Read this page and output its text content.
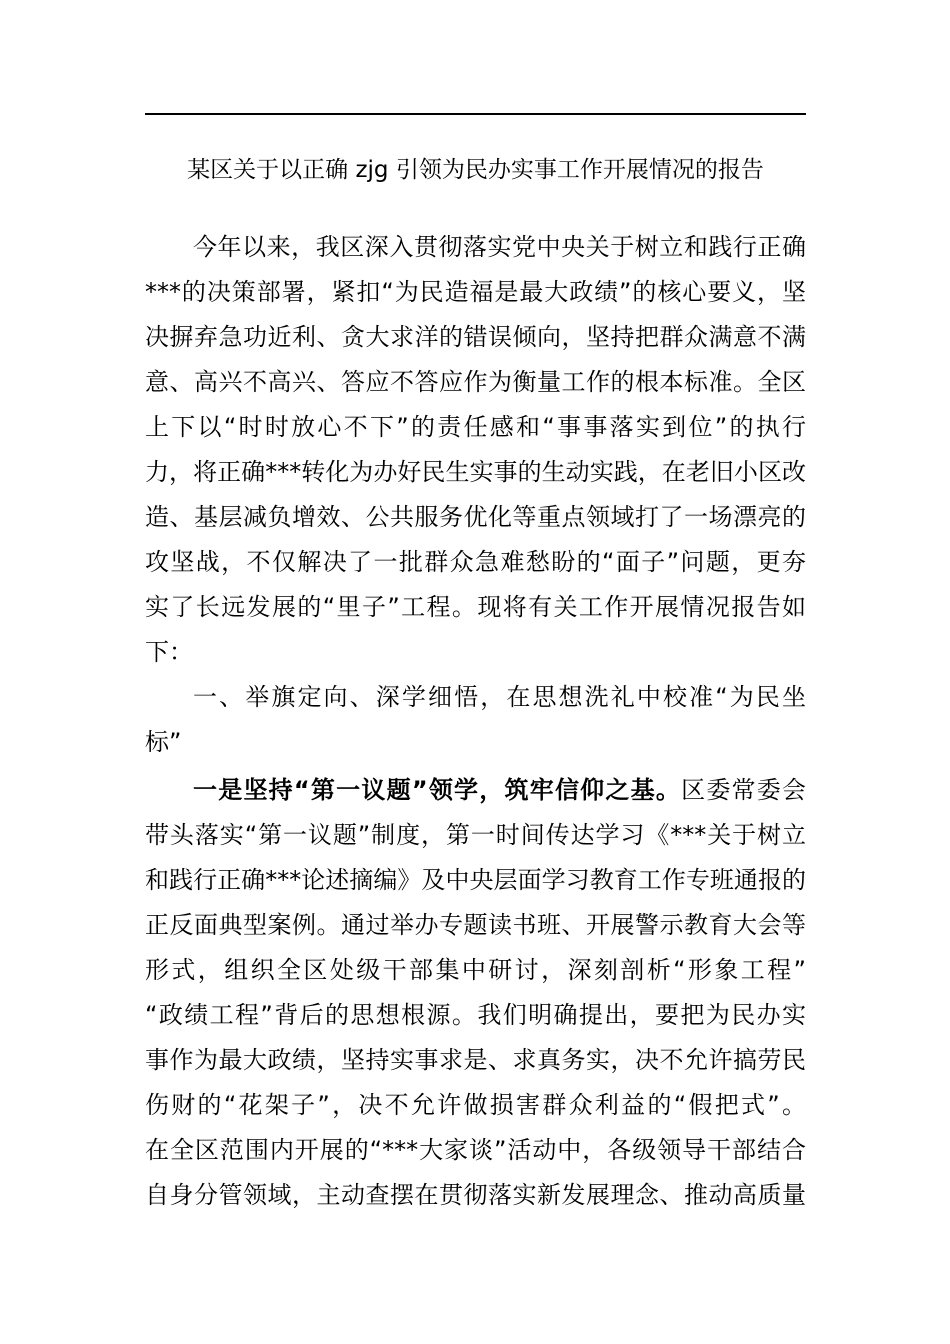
某区关于以正确 zjg 引领为民办实事工作开展情况的报告
今年以来，我区深入贯彻落实党中央关于树立和践行正确
***的决策部署，紧扣“为民造福是最大政绩”的核心要义，坚
决摒弃急功近利、贪大求洋的错误倾向，坚持把群众满意不满
意、高兴不高兴、答应不答应作为衡量工作的根本标准。全区
上下以“时时放心不下”的责任感和“事事落实到位”的执行
力，将正确***转化为办好民生实事的生动实践，在老旧小区改
造、基层减负增效、公共服务优化等重点领域打了一场漂亮的
攻坚战，不仅解决了一批群众急难愁盼的“面子”问题，更夯
实了长远发展的“里子”工程。现将有关工作开展情况报告如
下：
一、举旗定向、深学细悟，在思想洗礼中校准“为民坐
标”
一是坚持“第一议题”领学，筑牢信仰之基。区委常委会
带头落实“第一议题”制度，第一时间传达学习《***关于树立
和践行正确***论述摘编》及中央层面学习教育工作专班通报的
正反面典型案例。通过举办专题读书班、开展警示教育大会等
形式，组织全区处级干部集中研讨，深刻剖析“形象工程”
“政绩工程”背后的思想根源。我们明确提出，要把为民办实
事作为最大政绩，坚持实事求是、求真务实，决不允许搞劳民
伤财的“花架子”，决不允许做损害群众利益的“假把式”。
在全区范围内开展的“***大家谈”活动中，各级领导干部结合
自身分管领域，主动查摆在贯彻落实新发展理念、推动高质量
